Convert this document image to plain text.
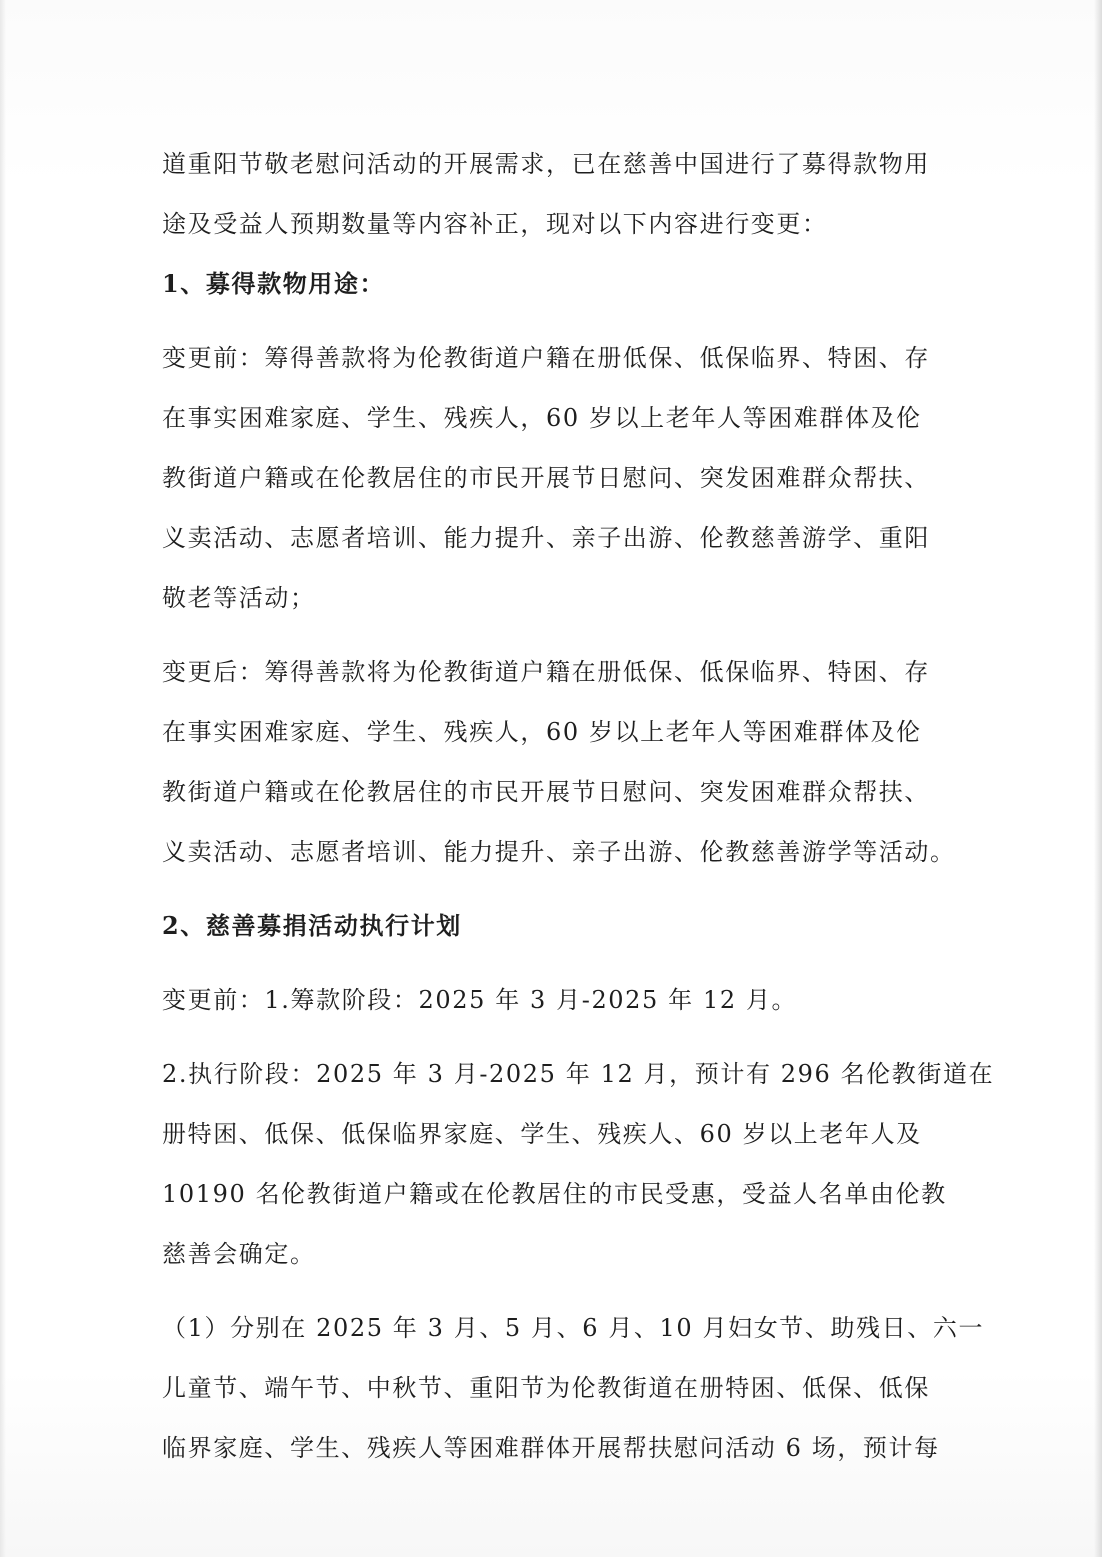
道重阳节敬老慰问活动的开展需求，已在慈善中国进行了募得款物用

途及受益人预期数量等内容补正，现对以下内容进行变更：

1、募得款物用途：

变更前：筹得善款将为伦教街道户籍在册低保、低保临界、特困、存

在事实困难家庭、学生、残疾人，60 岁以上老年人等困难群体及伦

教街道户籍或在伦教居住的市民开展节日慰问、突发困难群众帮扶、

义卖活动、志愿者培训、能力提升、亲子出游、伦教慈善游学、重阳

敬老等活动；

变更后：筹得善款将为伦教街道户籍在册低保、低保临界、特困、存

在事实困难家庭、学生、残疾人，60 岁以上老年人等困难群体及伦

教街道户籍或在伦教居住的市民开展节日慰问、突发困难群众帮扶、

义卖活动、志愿者培训、能力提升、亲子出游、伦教慈善游学等活动。

2、慈善募捐活动执行计划

变更前：1.筹款阶段：2025 年 3 月-2025 年 12 月。

2.执行阶段：2025 年 3 月-2025 年 12 月，预计有 296 名伦教街道在

册特困、低保、低保临界家庭、学生、残疾人、60 岁以上老年人及

10190 名伦教街道户籍或在伦教居住的市民受惠，受益人名单由伦教

慈善会确定。

（1）分别在 2025 年 3 月、5 月、6 月、10 月妇女节、助残日、六一

儿童节、端午节、中秋节、重阳节为伦教街道在册特困、低保、低保

临界家庭、学生、残疾人等困难群体开展帮扶慰问活动 6 场，预计每
